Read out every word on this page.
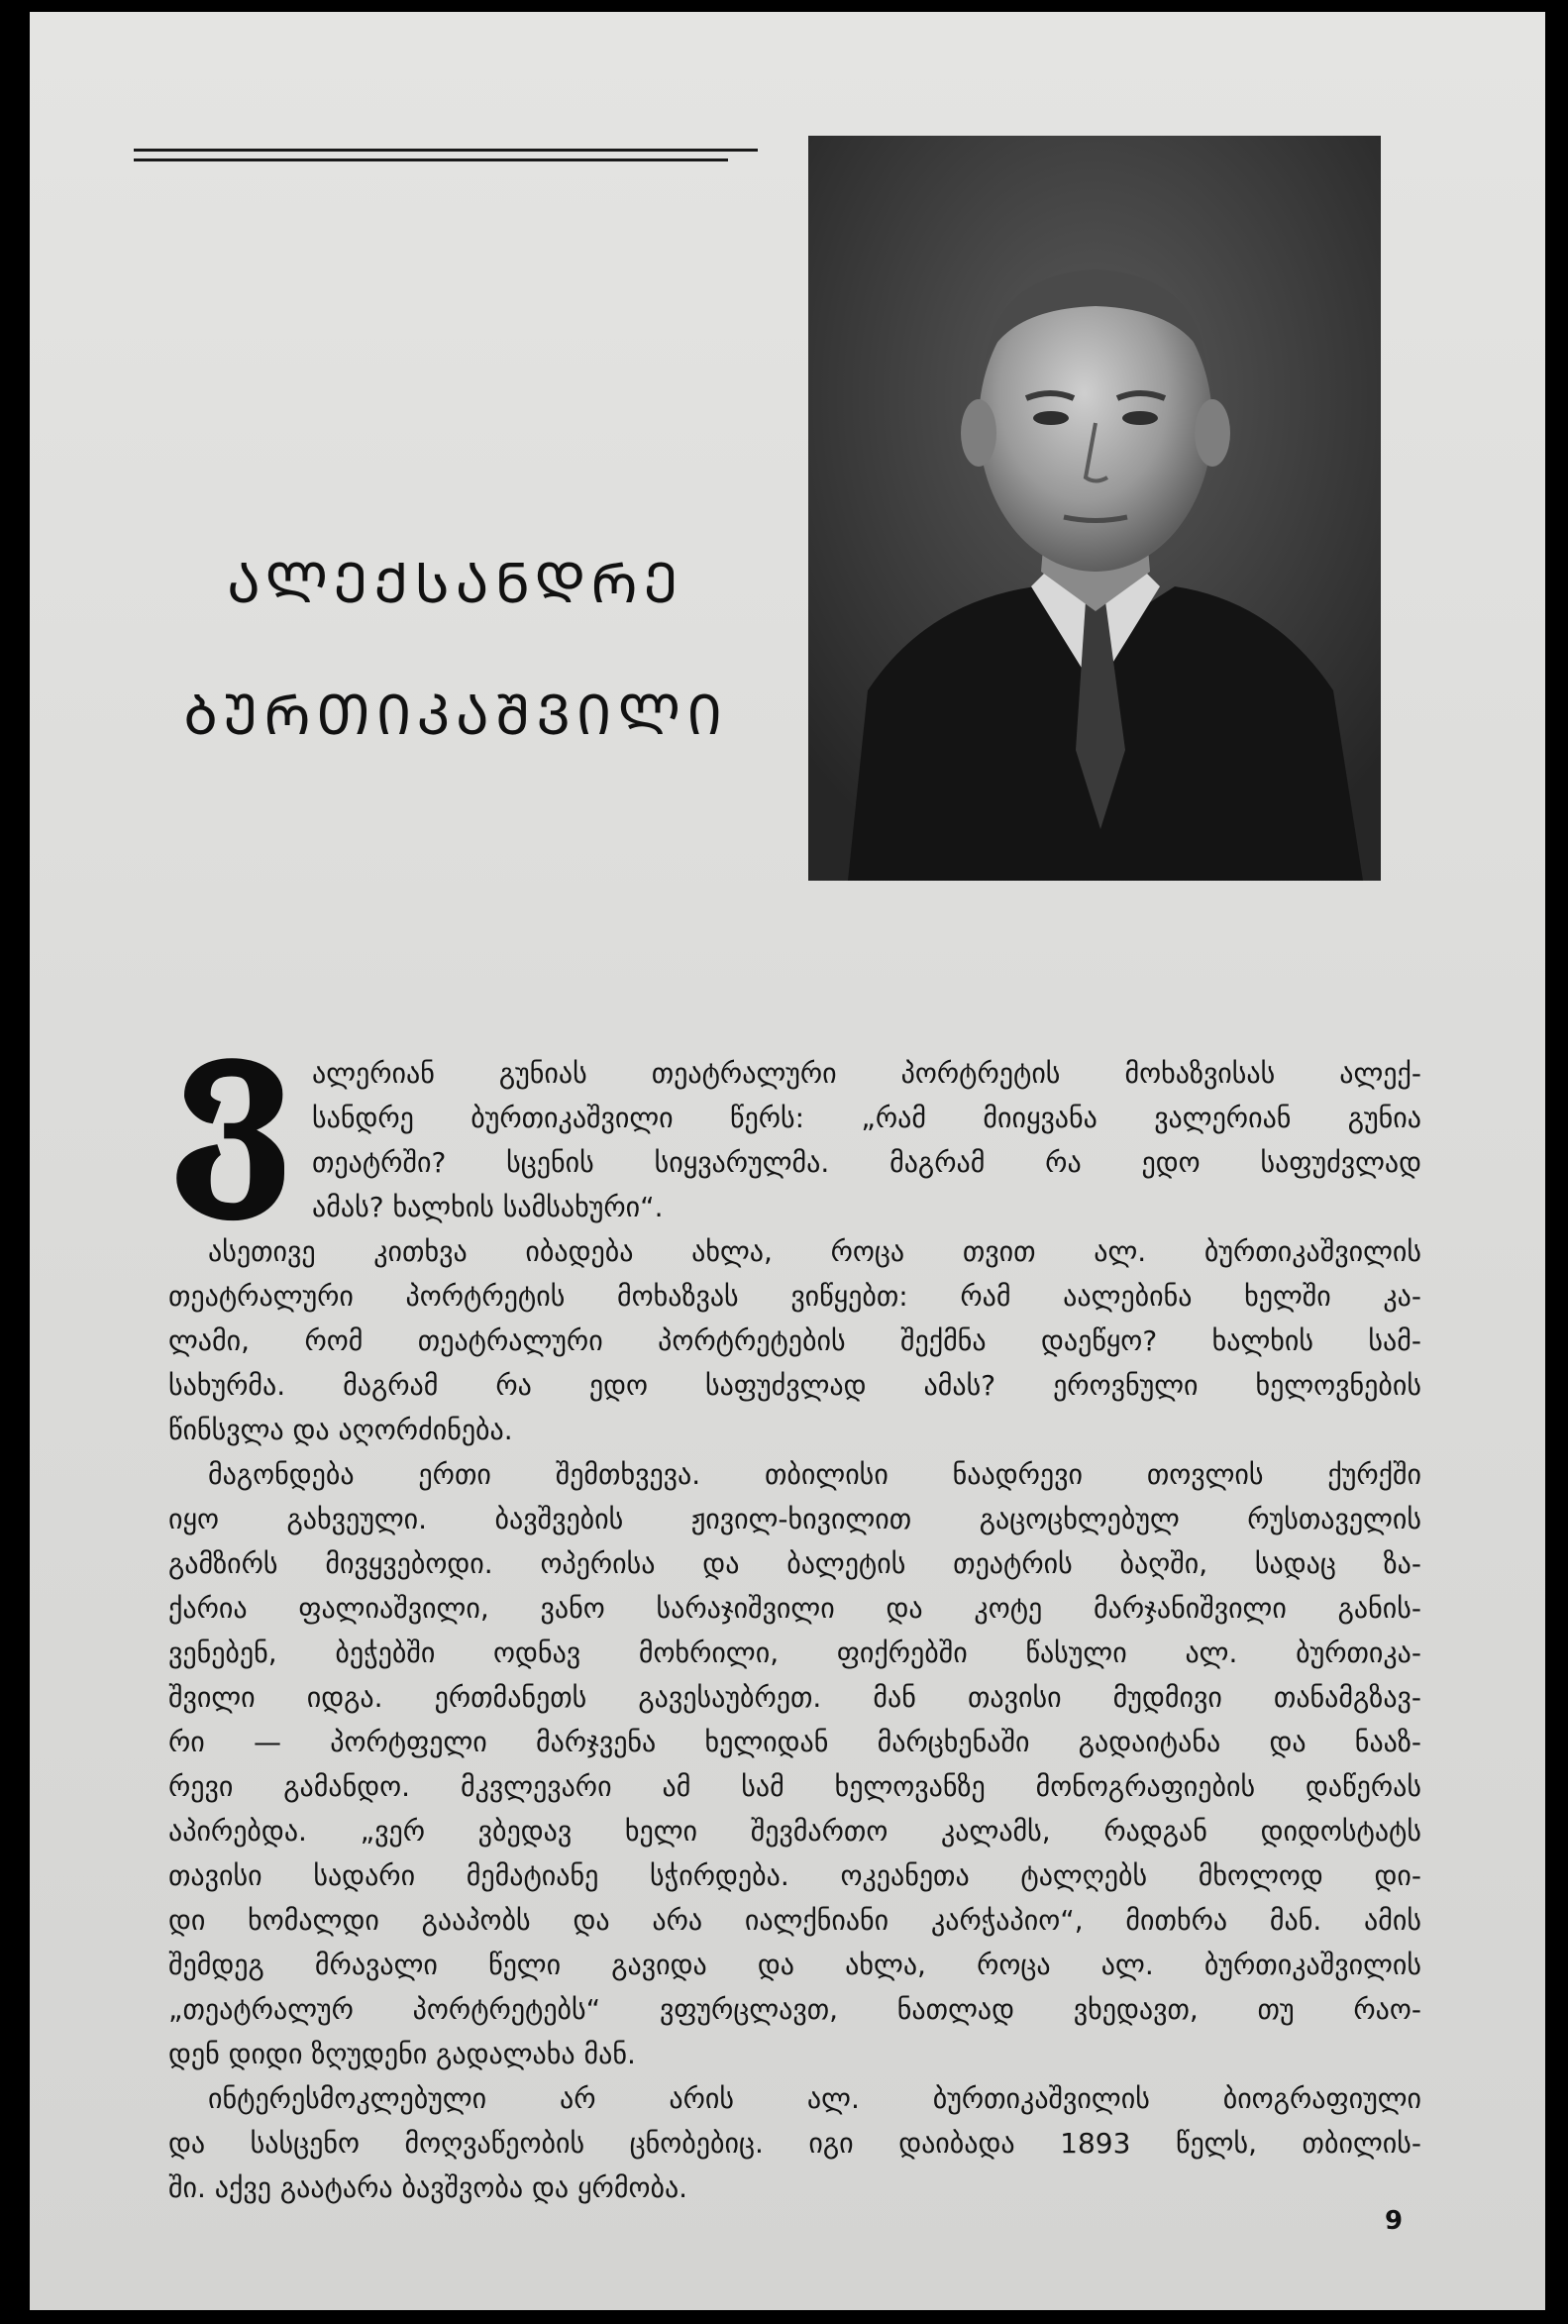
ᲐᲚᲔᲥᲡᲐᲜᲓᲠᲔ
ᲑᲣᲠᲗᲘᲙᲐᲨᲕᲘᲚᲘ
ვ ალერიან გუნიას თეატრალური პორტრეტის მოხაზვისას ალექ-
სანდრე ბურთიკაშვილი წერს: „რამ მიიყვანა ვალერიან გუნია
თეატრში? სცენის სიყვარულმა. მაგრამ რა ედო საფუძვლად
ამას? ხალხის სამსახური“.
ასეთივე კითხვა იბადება ახლა, როცა თვით ალ. ბურთიკაშვილის
თეატრალური პორტრეტის მოხაზვას ვიწყებთ: რამ აალებინა ხელში კა-
ლამი, რომ თეატრალური პორტრეტების შექმნა დაეწყო? ხალხის სამ-
სახურმა. მაგრამ რა ედო საფუძვლად ამას? ეროვნული ხელოვნების
წინსვლა და აღორძინება.
მაგონდება ერთი შემთხვევა. თბილისი ნაადრევი თოვლის ქურქში
იყო გახვეული. ბავშვების ჟივილ-ხივილით გაცოცხლებულ რუსთაველის
გამზირს მივყვებოდი. ოპერისა და ბალეტის თეატრის ბაღში, სადაც ზა-
ქარია ფალიაშვილი, ვანო სარაჯიშვილი და კოტე მარჯანიშვილი განის-
ვენებენ, ბეჭებში ოდნავ მოხრილი, ფიქრებში წასული ალ. ბურთიკა-
შვილი იდგა. ერთმანეთს გავესაუბრეთ. მან თავისი მუდმივი თანამგზავ-
რი — პორტფელი მარჯვენა ხელიდან მარცხენაში გადაიტანა და ნააზ-
რევი გამანდო. მკვლევარი ამ სამ ხელოვანზე მონოგრაფიების დაწერას
აპირებდა. „ვერ ვბედავ ხელი შევმართო კალამს, რადგან დიდოსტატს
თავისი სადარი მემატიანე სჭირდება. ოკეანეთა ტალღებს მხოლოდ დი-
დი ხომალდი გააპობს და არა იალქნიანი კარჭაპიო“, მითხრა მან. ამის
შემდეგ მრავალი წელი გავიდა და ახლა, როცა ალ. ბურთიკაშვილის
„თეატრალურ პორტრეტებს“ ვფურცლავთ, ნათლად ვხედავთ, თუ რაო-
დენ დიდი ზღუდენი გადალახა მან.
ინტერესმოკლებული არ არის ალ. ბურთიკაშვილის ბიოგრაფიული
და სასცენო მოღვაწეობის ცნობებიც. იგი დაიბადა 1893 წელს, თბილის-
ში. აქვე გაატარა ბავშვობა და ყრმობა.
9
